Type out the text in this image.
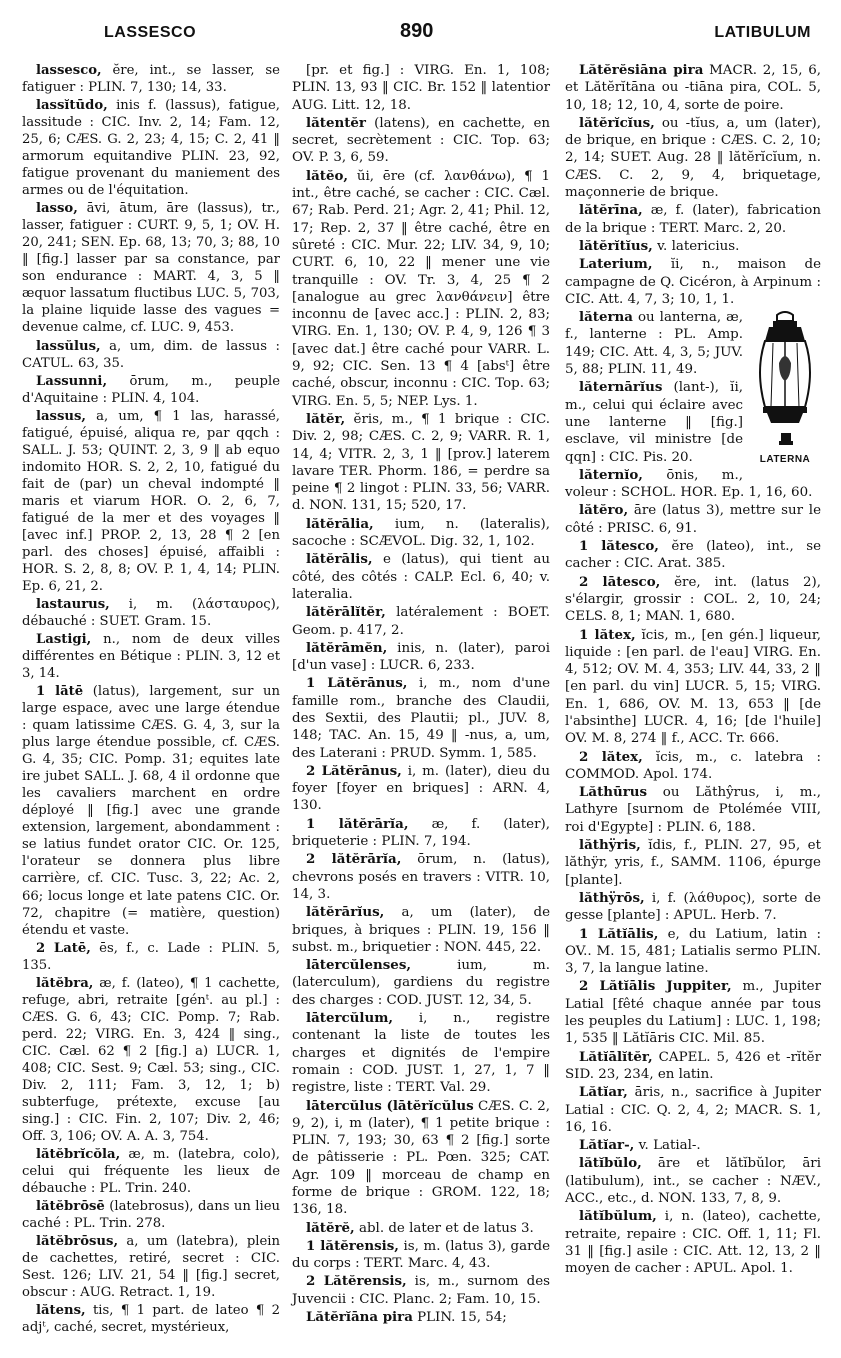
LASSESCO	890	LATIBULUM

lassesco, ĕre, int., se lasser, se fatiguer : PLIN. 7, 130; 14, 33.

lassĭtūdo, inis f. (lassus), fatigue, lassitude : CIC. Inv. 2, 14; Fam. 12, 25, 6; CÆS. G. 2, 23; 4, 15; C. 2, 41 ‖ armorum equitandive PLIN. 23, 92, fatigue provenant du maniement des armes ou de l'équitation.

lasso, āvi, ātum, āre (lassus), tr., lasser, fatiguer : CURT. 9, 5, 1; OV. H. 20, 241; SEN. Ep. 68, 13; 70, 3; 88, 10 ‖ [fig.] lasser par sa constance, par son endurance : MART. 4, 3, 5 ‖ æquor lassatum fluctibus LUC. 5, 703, la plaine liquide lasse des vagues = devenue calme, cf. LUC. 9, 453.

lassŭlus, a, um, dim. de lassus : CATUL. 63, 35.

Lassunni, ōrum, m., peuple d'Aquitaine : PLIN. 4, 104.

lassus, a, um, ¶ 1 las, harassé, fatigué, épuisé, aliqua re, par qqch : SALL. J. 53; QUINT. 2, 3, 9 ‖ ab equo indomito HOR. S. 2, 2, 10, fatigué du fait de (par) un cheval indompté ‖ maris et viarum HOR. O. 2, 6, 7, fatigué de la mer et des voyages ‖ [avec inf.] PROP. 2, 13, 28 ¶ 2 [en parl. des choses] épuisé, affaibli : HOR. S. 2, 8, 8; OV. P. 1, 4, 14; PLIN. Ep. 6, 21, 2.

lastaurus, i, m. (λάσταυρος), débauché : SUET. Gram. 15.

Lastigi, n., nom de deux villes différentes en Bétique : PLIN. 3, 12 et 3, 14.

1 lātē (latus), largement, sur un large espace, avec une large étendue : quam latissime CÆS. G. 4, 3, sur la plus large étendue possible, cf. CÆS. G. 4, 35; CIC. Pomp. 31; equites late ire jubet SALL. J. 68, 4 il ordonne que les cavaliers marchent en ordre déployé ‖ [fig.] avec une grande extension, largement, abondamment : se latius fundet orator CIC. Or. 125, l'orateur se donnera plus libre carrière, cf. CIC. Tusc. 3, 22; Ac. 2, 66; locus longe et late patens CIC. Or. 72, chapitre (= matière, question) étendu et vaste.

2 Latē, ēs, f., c. Lade : PLIN. 5, 135.

lătĕbra, æ, f. (lateo), ¶ 1 cachette, refuge, abri, retraite [génᵗ. au pl.] : CÆS. G. 6, 43; CIC. Pomp. 7; Rab. perd. 22; VIRG. En. 3, 424 ‖ sing., CIC. Cæl. 62 ¶ 2 [fig.] a) LUCR. 1, 408; CIC. Sest. 9; Cæl. 53; sing., CIC. Div. 2, 111; Fam. 3, 12, 1; b) subterfuge, prétexte, excuse [au sing.] : CIC. Fin. 2, 107; Div. 2, 46; Off. 3, 106; OV. A. A. 3, 754.

lătĕbrĭcŏla, æ, m. (latebra, colo), celui qui fréquente les lieux de débauche : PL. Trin. 240.

lătĕbrōsē (latebrosus), dans un lieu caché : PL. Trin. 278.

lătĕbrōsus, a, um (latebra), plein de cachettes, retiré, secret : CIC. Sest. 126; LIV. 21, 54 ‖ [fig.] secret, obscur : AUG. Retract. 1, 19.

lătens, tis, ¶ 1 part. de lateo ¶ 2 adjᵗ, caché, secret, mystérieux,

[pr. et fig.] : VIRG. En. 1, 108; PLIN. 13, 93 ‖ CIC. Br. 152 ‖ latentior AUG. Litt. 12, 18.

lătentĕr (latens), en cachette, en secret, secrètement : CIC. Top. 63; OV. P. 3, 6, 59.

lătĕo, ŭi, ēre (cf. λανθάνω), ¶ 1 int., être caché, se cacher : CIC. Cæl. 67; Rab. Perd. 21; Agr. 2, 41; Phil. 12, 17; Rep. 2, 37 ‖ être caché, être en sûreté : CIC. Mur. 22; LIV. 34, 9, 10; CURT. 6, 10, 22 ‖ mener une vie tranquille : OV. Tr. 3, 4, 25 ¶ 2 [analogue au grec λανθάνειν] être inconnu de [avec acc.] : PLIN. 2, 83; VIRG. En. 1, 130; OV. P. 4, 9, 126 ¶ 3 [avec dat.] être caché pour VARR. L. 9, 92; CIC. Sen. 13 ¶ 4 [absᵗ] être caché, obscur, inconnu : CIC. Top. 63; VIRG. En. 5, 5; NEP. Lys. 1.

lătĕr, ĕris, m., ¶ 1 brique : CIC. Div. 2, 98; CÆS. C. 2, 9; VARR. R. 1, 14, 4; VITR. 2, 3, 1 ‖ [prov.] laterem lavare TER. Phorm. 186, = perdre sa peine ¶ 2 lingot : PLIN. 33, 56; VARR. d. NON. 131, 15; 520, 17.

lătĕrālia, ium, n. (lateralis), sacoche : SCÆVOL. Dig. 32, 1, 102.

lătĕrālis, e (latus), qui tient au côté, des côtés : CALP. Ecl. 6, 40; v. lateralia.

lătĕrālĭtĕr, latéralement : BOET. Geom. p. 417, 2.

lătĕrāmĕn, inis, n. (later), paroi [d'un vase] : LUCR. 6, 233.

1 Lătĕrānus, i, m., nom d'une famille rom., branche des Claudii, des Sextii, des Plautii; pl., JUV. 8, 148; TAC. An. 15, 49 ‖ -nus, a, um, des Laterani : PRUD. Symm. 1, 585.

2 Lătĕrānus, i, m. (later), dieu du foyer [foyer en briques] : ARN. 4, 130.

1 lătĕrārĭa, æ, f. (later), briqueterie : PLIN. 7, 194.

2 lătĕrārĭa, ōrum, n. (latus), chevrons posés en travers : VITR. 10, 14, 3.

lătĕrārĭus, a, um (later), de briques, à briques : PLIN. 19, 156 ‖ subst. m., briquetier : NON. 445, 22.

lātercŭlenses, ium, m. (laterculum), gardiens du registre des charges : COD. JUST. 12, 34, 5.

lātercŭlum, i, n., registre contenant la liste de toutes les charges et dignités de l'empire romain : COD. JUST. 1, 27, 1, 7 ‖ registre, liste : TERT. Val. 29.

lātercŭlus (lātĕrĭcŭlus CÆS. C. 2, 9, 2), i, m (later), ¶ 1 petite brique : PLIN. 7, 193; 30, 63 ¶ 2 [fig.] sorte de pâtisserie : PL. Pœn. 325; CAT. Agr. 109 ‖ morceau de champ en forme de brique : GROM. 122, 18; 136, 18.

lătĕrĕ, abl. de later et de latus 3.

1 lătĕrensis, is, m. (latus 3), garde du corps : TERT. Marc. 4, 43.

2 Lătĕrensis, is, m., surnom des Juvencii : CIC. Planc. 2; Fam. 10, 15.

Lătĕrĭāna pira PLIN. 15, 54;

Lătĕrĕsiāna pira MACR. 2, 15, 6, et Lătĕrĭtāna ou -tiāna pira, COL. 5, 10, 18; 12, 10, 4, sorte de poire.

lătĕrĭcĭus, ou -tĭus, a, um (later), de brique, en brique : CÆS. C. 2, 10; 2, 14; SUET. Aug. 28 ‖ lătĕrĭcĭum, n. CÆS. C. 2, 9, 4, briquetage, maçonnerie de brique.

lătĕrīna, æ, f. (later), fabrication de la brique : TERT. Marc. 2, 20.

lătĕrĭtĭus, v. latericius.

Laterium, ĭi, n., maison de campagne de Q. Cicéron, à Arpinum : CIC. Att. 4, 7, 3; 10, 1, 1.

LATERNA

lăterna ou lanterna, æ, f., lanterne : PL. Amp. 149; CIC. Att. 4, 3, 5; JUV. 5, 88; PLIN. 11, 49.

lăternārĭus (lant-), ĭi, m., celui qui éclaire avec une lanterne ‖ [fig.] esclave, vil ministre [de qqn] : CIC. Pis. 20.

lăternĭo, ōnis, m., voleur : SCHOL. HOR. Ep. 1, 16, 60.

lătĕro, āre (latus 3), mettre sur le côté : PRISC. 6, 91.

1 lătesco, ĕre (lateo), int., se cacher : CIC. Arat. 385.

2 lātesco, ĕre, int. (latus 2), s'élargir, grossir : COL. 2, 10, 24; CELS. 8, 1; MAN. 1, 680.

1 lătex, ĭcis, m., [en gén.] liqueur, liquide : [en parl. de l'eau] VIRG. En. 4, 512; OV. M. 4, 353; LIV. 44, 33, 2 ‖ [en parl. du vin] LUCR. 5, 15; VIRG. En. 1, 686, OV. M. 13, 653 ‖ [de l'absinthe] LUCR. 4, 16; [de l'huile] OV. M. 8, 274 ‖ f., ACC. Tr. 666.

2 lătex, ĭcis, m., c. latebra : COMMOD. Apol. 174.

Lăthūrus ou Lăthŷrus, i, m., Lathyre [surnom de Ptolémée VIII, roi d'Egypte] : PLIN. 6, 188.

lăthÿris, ĭdis, f., PLIN. 27, 95, et lăthÿr, yris, f., SAMM. 1106, épurge [plante].

lăthÿrōs, i, f. (λάθυρος), sorte de gesse [plante] : APUL. Herb. 7.

1 Lătĭālis, e, du Latium, latin : OV.. M. 15, 481; Latialis sermo PLIN. 3, 7, la langue latine.

2 Lătĭālis Juppiter, m., Jupiter Latial [fêté chaque année par tous les peuples du Latium] : LUC. 1, 198; 1, 535 ‖ Lătĭāris CIC. Mil. 85.

Lătĭālĭtĕr, CAPEL. 5, 426 et -rĭtĕr SID. 23, 234, en latin.

Lătĭar, āris, n., sacrifice à Jupiter Latial : CIC. Q. 2, 4, 2; MACR. S. 1, 16, 16.

Lătĭar-, v. Latial-.

lătĭbŭlo, āre et lătĭbŭlor, āri (latibulum), int., se cacher : NÆV., ACC., etc., d. NON. 133, 7, 8, 9.

lătĭbŭlum, i, n. (lateo), cachette, retraite, repaire : CIC. Off. 1, 11; Fl. 31 ‖ [fig.] asile : CIC. Att. 12, 13, 2 ‖ moyen de cacher : APUL. Apol. 1.
